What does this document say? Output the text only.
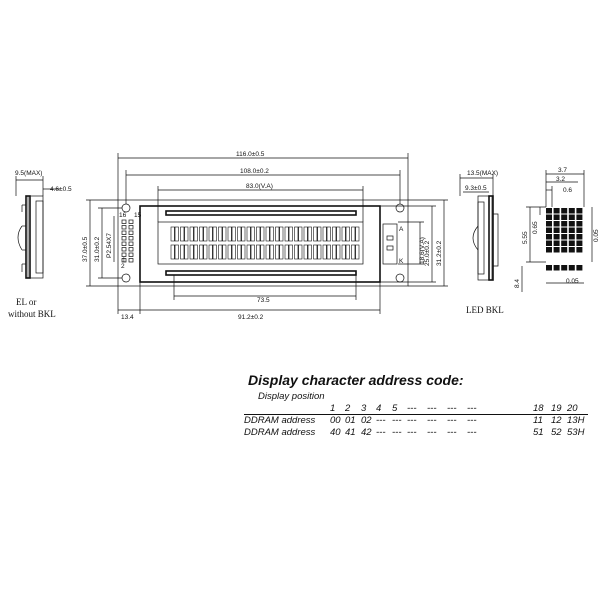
9.5(MAX)
4.6±0.5
EL or
without BKL
16 15
1
2
A
K
116.0±0.5
108.0±0.2
83.0(V.A)
73.5
91.2±0.2
13.4
37.0±0.5 31.0±0.2 P2.54X7	18.6(V.A)
25.0±0.2 31.2±0.2
13.5(MAX)
9.3±0.5
LED BKL
3.7
3.2
0.6
5.55
0.65
0.05
8.4	0.05
Display character address code:
Display position
1 2 3 4 5 --- --- --- ---	18 19 20
DDRAM address 00 01 02 --- --- --- --- --- ---	11 12 13H
DDRAM address 40 41 42 --- --- --- --- --- ---	51 52 53H
